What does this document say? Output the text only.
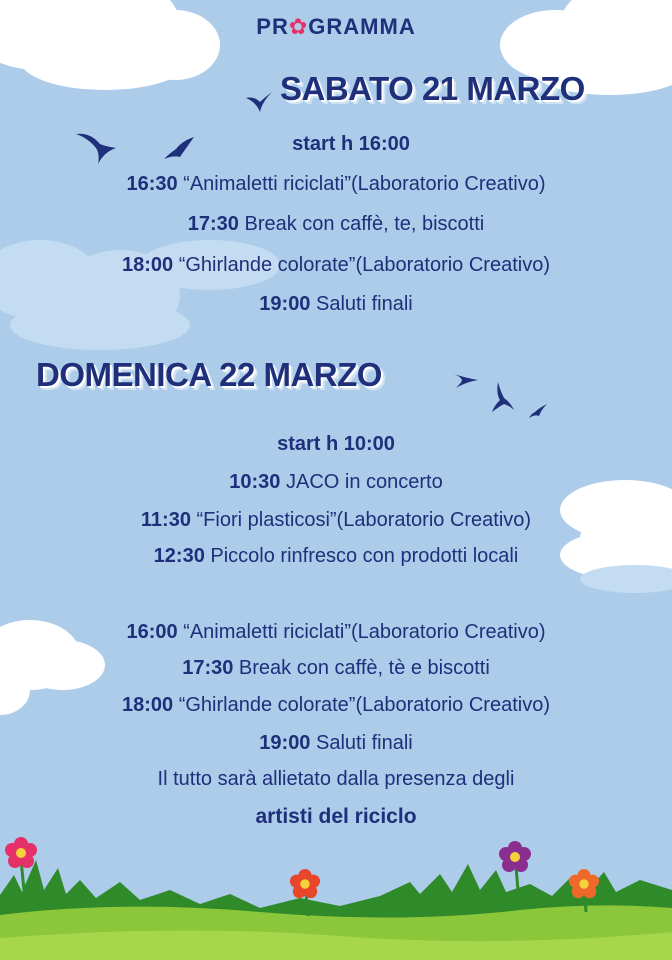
PR✿GRAMMA
SABATO 21 MARZO
start h 16:00
16:30 “Animaletti riciclati”(Laboratorio Creativo)
17:30 Break con caffè, te, biscotti
18:00 “Ghirlande colorate”(Laboratorio Creativo)
19:00 Saluti finali
DOMENICA 22 MARZO
start h 10:00
10:30 JACO in concerto
11:30 “Fiori plasticosi”(Laboratorio Creativo)
12:30 Piccolo rinfresco con prodotti locali
16:00 “Animaletti riciclati”(Laboratorio Creativo)
17:30 Break con caffè, tè e biscotti
18:00 “Ghirlande colorate”(Laboratorio Creativo)
19:00 Saluti finali
Il tutto sarà allietato dalla presenza degli
artisti del riciclo
